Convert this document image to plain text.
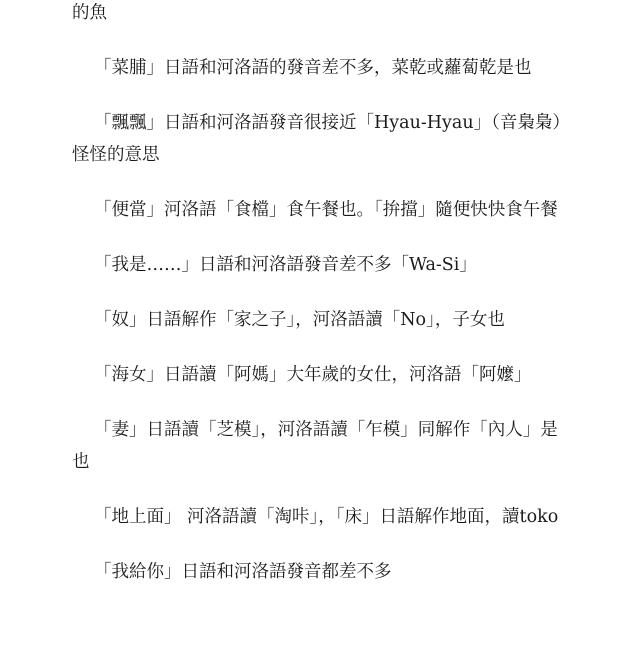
的魚

「菜脯」日語和河洛語的發音差不多，菜乾或蘿蔔乾是也

「飄飄」日語和河洛語發音很接近「Hyau-Hyau」（音梟梟）怪怪的意思

「便當」河洛語「食檔」食午餐也。「拚擋」隨便快快食午餐

「我是……」日語和河洛語發音差不多「Wa-Si」

「奴」日語解作「家之子」，河洛語讀「No」，子女也

「海女」日語讀「阿媽」大年歲的女仕，河洛語「阿嬤」

「妻」日語讀「芝模」，河洛語讀「乍模」同解作「內人」是也

「地上面」 河洛語讀「淘咔」，「床」日語解作地面，讀toko

「我給你」日語和河洛語發音都差不多
